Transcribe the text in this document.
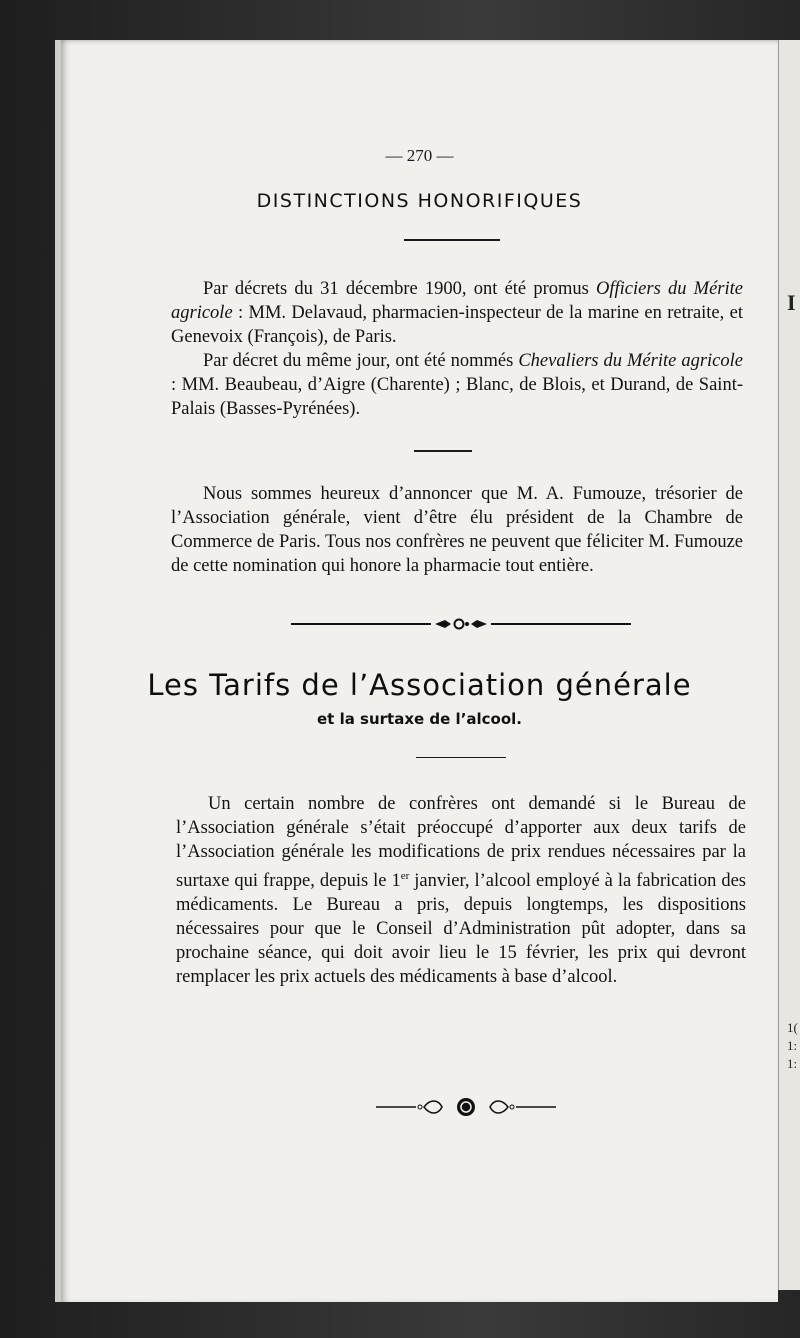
I
1(
1:
1:
— 270 —
DISTINCTIONS HONORIFIQUES

Par décrets du 31 décembre 1900, ont été promus Officiers du Mérite agricole : MM. Delavaud, pharmacien-inspecteur de la marine en retraite, et Genevoix (François), de Paris.

Par décret du même jour, ont été nommés Chevaliers du Mérite agricole : MM. Beaubeau, d’Aigre (Charente) ; Blanc, de Blois, et Durand, de Saint-Palais (Basses-Pyrénées).

Nous sommes heureux d’annoncer que M. A. Fumouze, trésorier de l’Association générale, vient d’être élu président de la Chambre de Commerce de Paris. Tous nos confrères ne peuvent que féliciter M. Fumouze de cette nomination qui honore la pharmacie tout entière.

Les Tarifs de l’Association générale
et la surtaxe de l’alcool.

Un certain nombre de confrères ont demandé si le Bureau de l’Association générale s’était préoccupé d’apporter aux deux tarifs de l’Association générale les modifications de prix rendues nécessaires par la surtaxe qui frappe, depuis le 1er janvier, l’alcool employé à la fabrication des médicaments. Le Bureau a pris, depuis longtemps, les dispositions nécessaires pour que le Conseil d’Administration pût adopter, dans sa prochaine séance, qui doit avoir lieu le 15 février, les prix qui devront remplacer les prix actuels des médicaments à base d’alcool.
